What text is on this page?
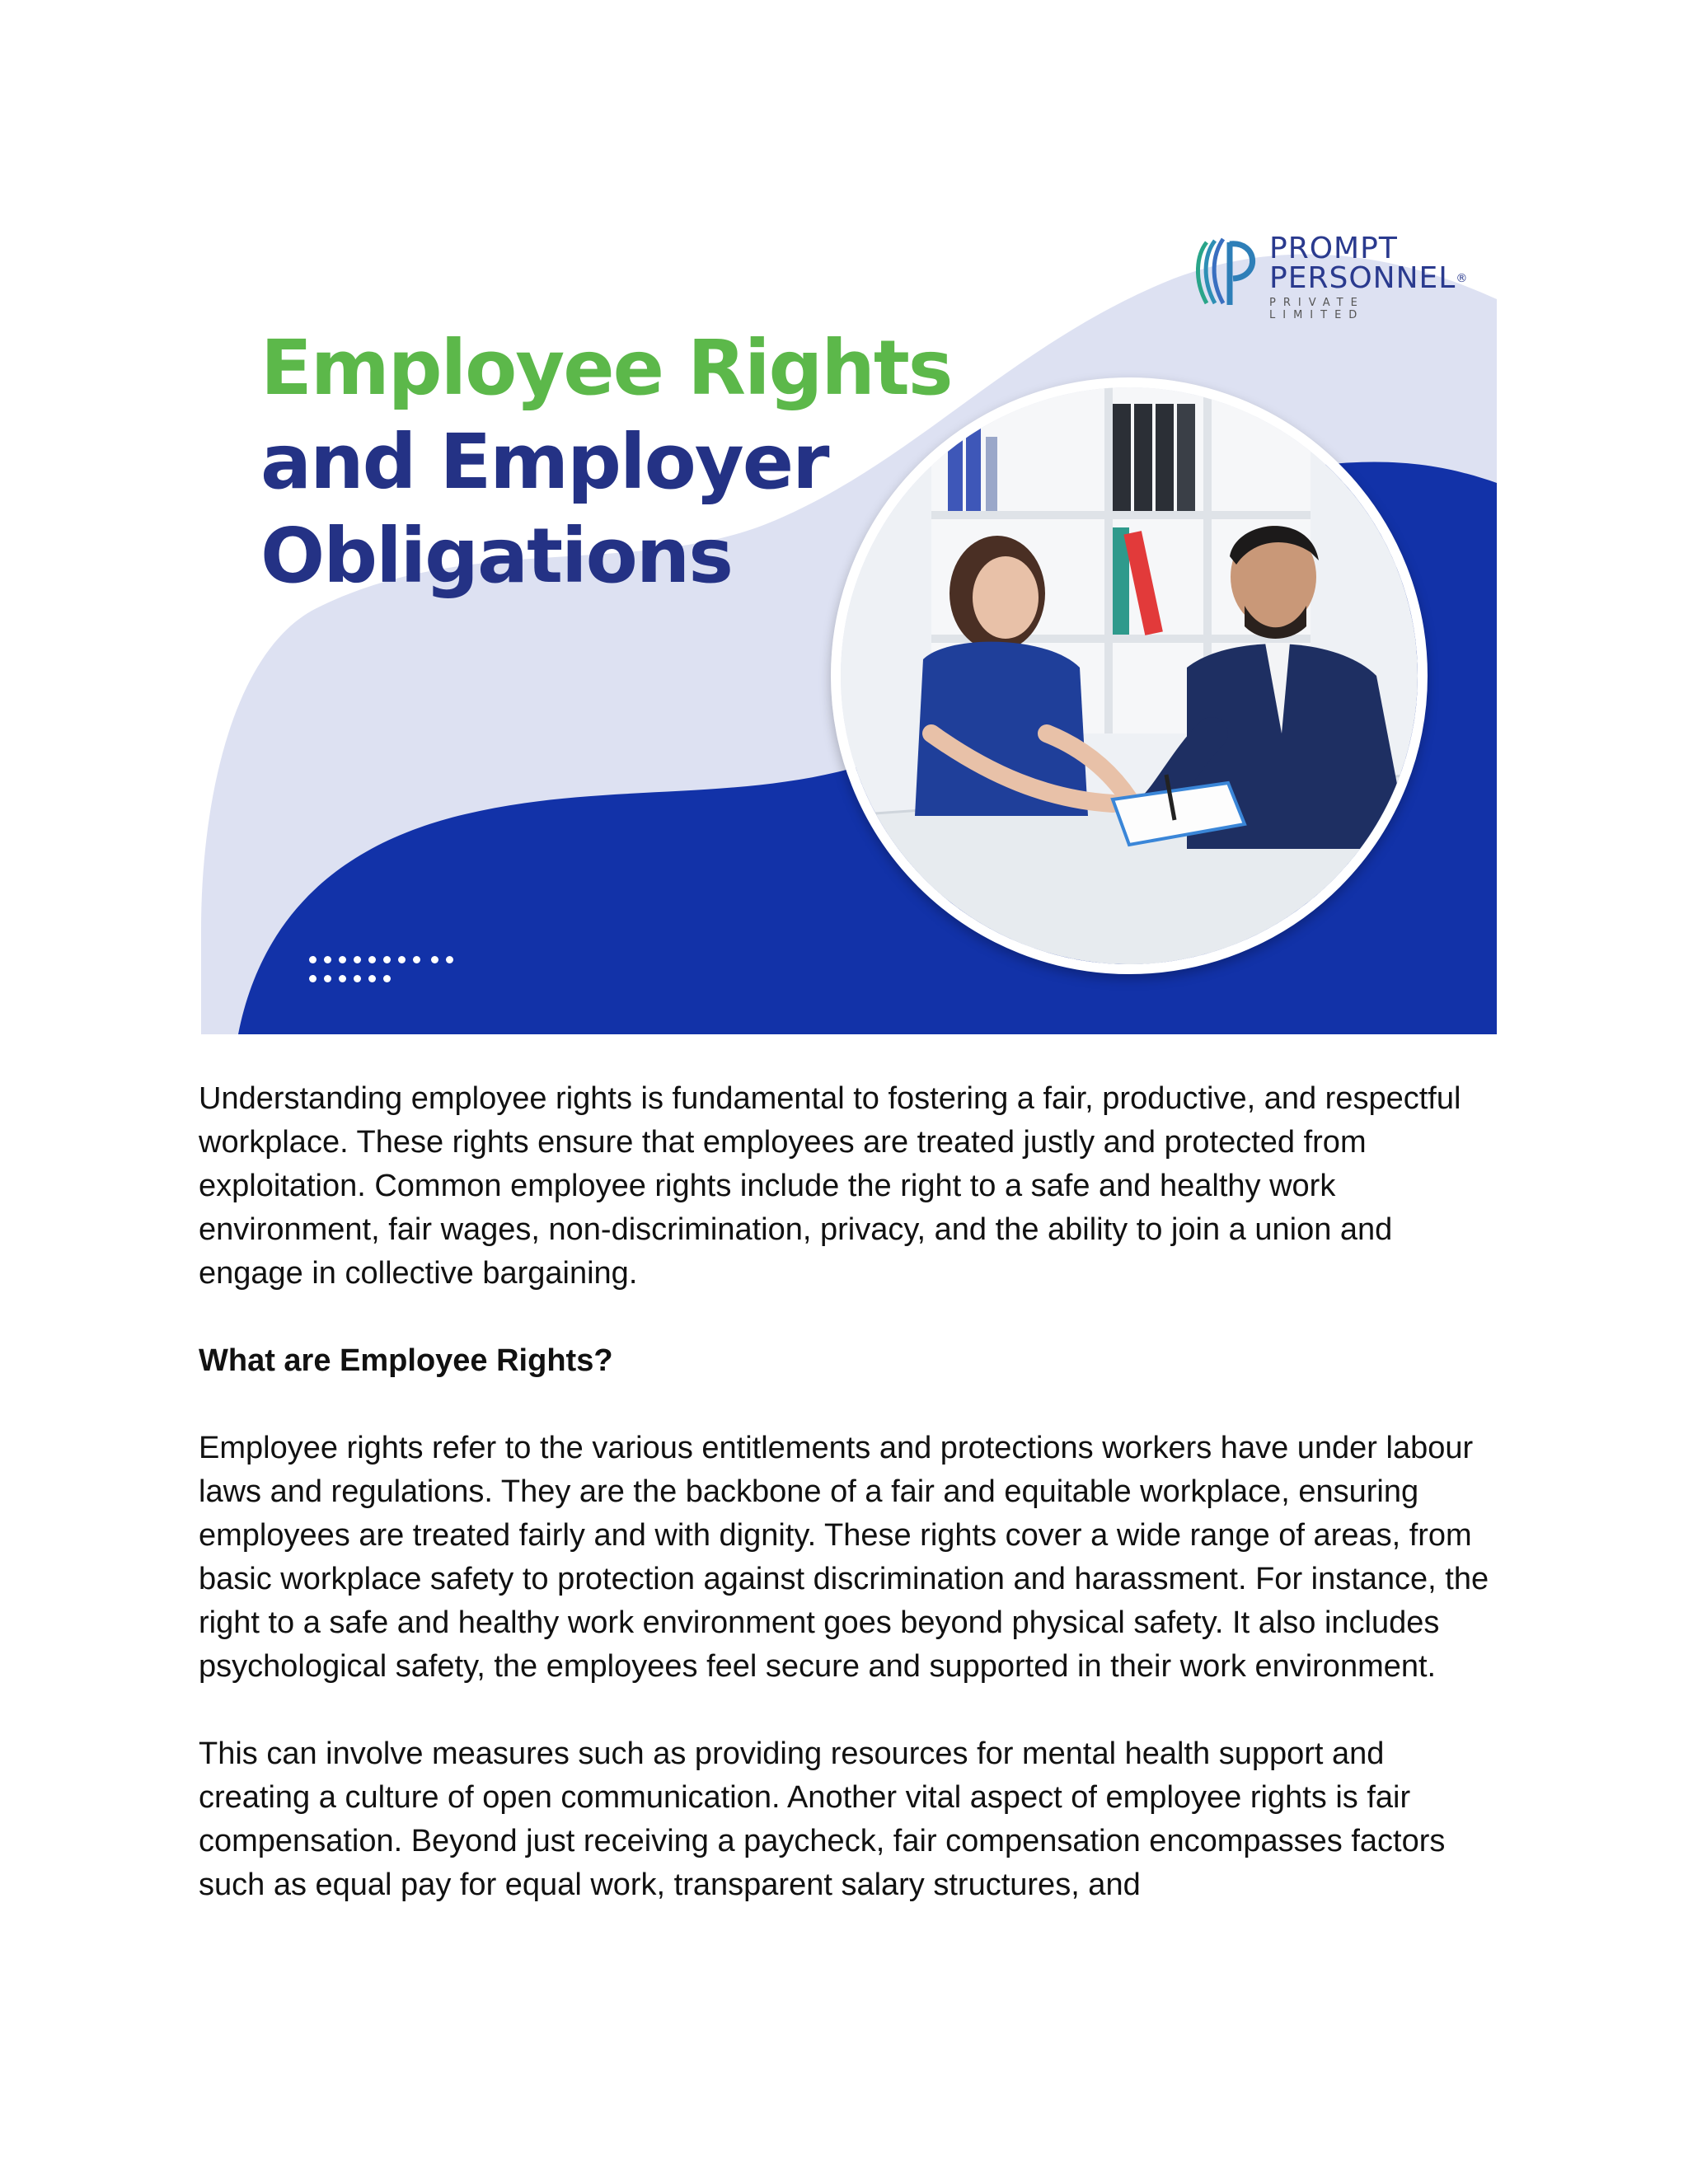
PROMPT
PERSONNEL®
PRIVATE LIMITED
Employee Rights
and Employer
Obligations

Understanding employee rights is fundamental to fostering a fair, productive, and respectful workplace. These rights ensure that employees are treated justly and protected from exploitation. Common employee rights include the right to a safe and healthy work environment, fair wages, non-discrimination, privacy, and the ability to join a union and engage in collective bargaining.

What are Employee Rights?

Employee rights refer to the various entitlements and protections workers have under labour laws and regulations. They are the backbone of a fair and equitable workplace, ensuring employees are treated fairly and with dignity. These rights cover a wide range of areas, from basic workplace safety to protection against discrimination and harassment. For instance, the right to a safe and healthy work environment goes beyond physical safety. It also includes psychological safety, the employees feel secure and supported in their work environment.

This can involve measures such as providing resources for mental health support and creating a culture of open communication. Another vital aspect of employee rights is fair compensation. Beyond just receiving a paycheck, fair compensation encompasses factors such as equal pay for equal work, transparent salary structures, and
